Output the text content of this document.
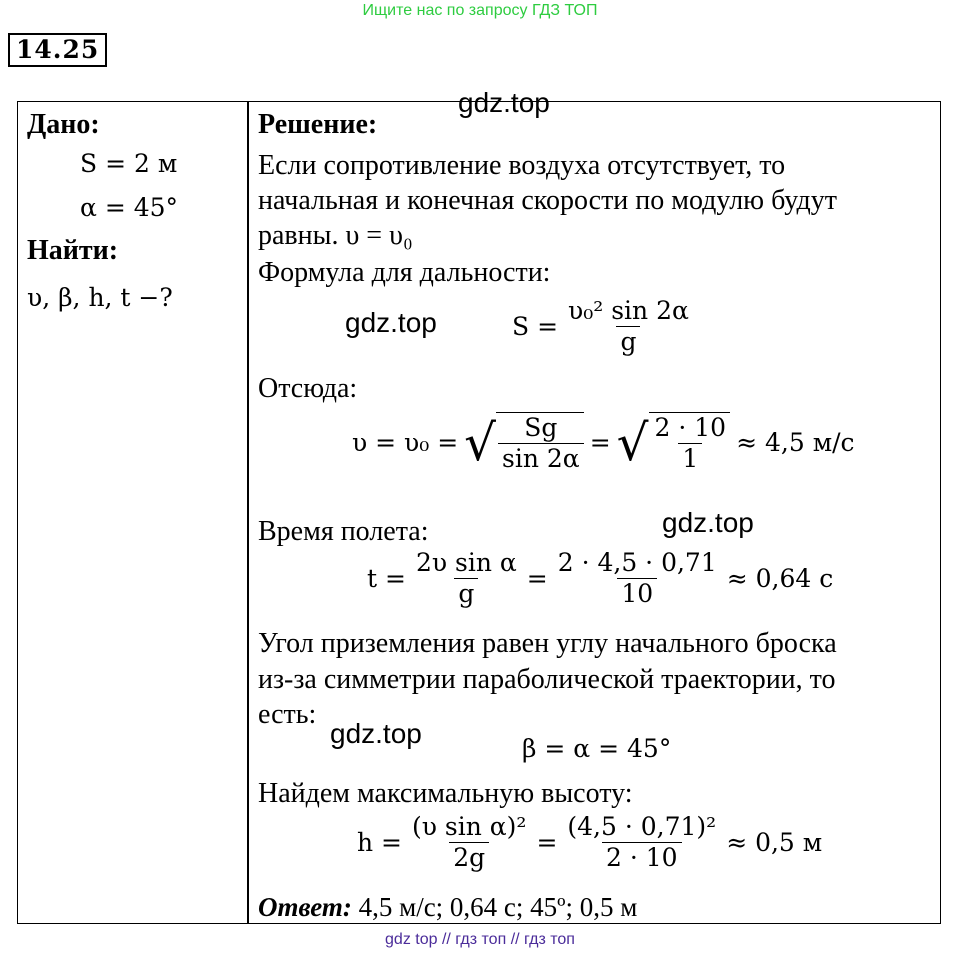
Ищите нас по запросу ГДЗ ТОП
14.25
Дано:
S = 2 м
α = 45°
Найти:
υ, β, h, t −?
Решение:
gdz.top
Если сопротивление воздуха отсутствует, то
начальная и конечная скорости по модулю будут
равны. υ = υ₀
Формула для дальности:
gdz.top	$S = \frac{\text{υ₀² sin 2α}}{g}$
Отсюда:
υ = υ₀ = √ $\frac{Sg}{\sin 2\alpha}$ = √ $\frac{2 \cdot 10}{1} \approx 4,5$ м/с
gdz.top
Время полета:
$t = \frac{\text{2υ sin α}}{g} = \frac{2 \cdot 4,5 \cdot 0,71}{10} \approx 0,64$ с
Угол приземления равен углу начального броска
из-за симметрии параболической траектории, то
есть:
gdz.top	β = α = 45°
Найдем максимальную высоту:
$h = \frac{\text{(υ sin α)²}}{2g} = \frac{\text{(4,5 · 0,71)²}}{2 \cdot 10} \approx 0,5$ м
Ответ: 4,5 м/с; 0,64 с; 45º; 0,5 м
gdz top // гдз топ // гдз топ
